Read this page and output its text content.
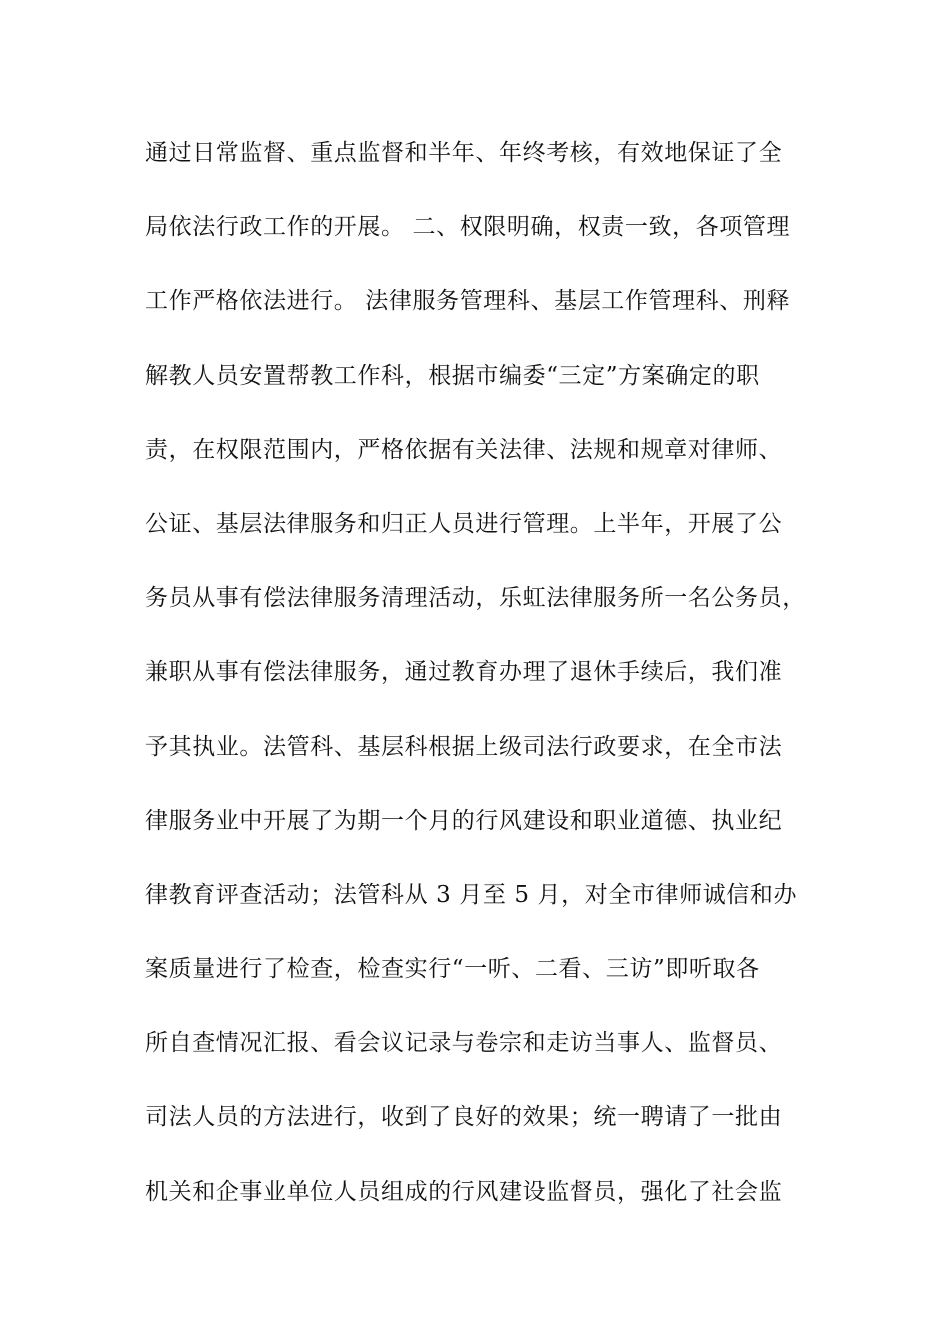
通过日常监督、重点监督和半年、年终考核，有效地保证了全
局依法行政工作的开展。 二、权限明确，权责一致，各项管理
工作严格依法进行。 法律服务管理科、基层工作管理科、刑释
解教人员安置帮教工作科，根据市编委“三定”方案确定的职
责，在权限范围内，严格依据有关法律、法规和规章对律师、
公证、基层法律服务和归正人员进行管理。上半年，开展了公
务员从事有偿法律服务清理活动，乐虹法律服务所一名公务员，
兼职从事有偿法律服务，通过教育办理了退休手续后，我们准
予其执业。法管科、基层科根据上级司法行政要求，在全市法
律服务业中开展了为期一个月的行风建设和职业道德、执业纪
律教育评查活动；法管科从 3 月至 5 月，对全市律师诚信和办
案质量进行了检查，检查实行“一听、二看、三访”即听取各
所自查情况汇报、看会议记录与卷宗和走访当事人、监督员、
司法人员的方法进行，收到了良好的效果；统一聘请了一批由
机关和企事业单位人员组成的行风建设监督员，强化了社会监
